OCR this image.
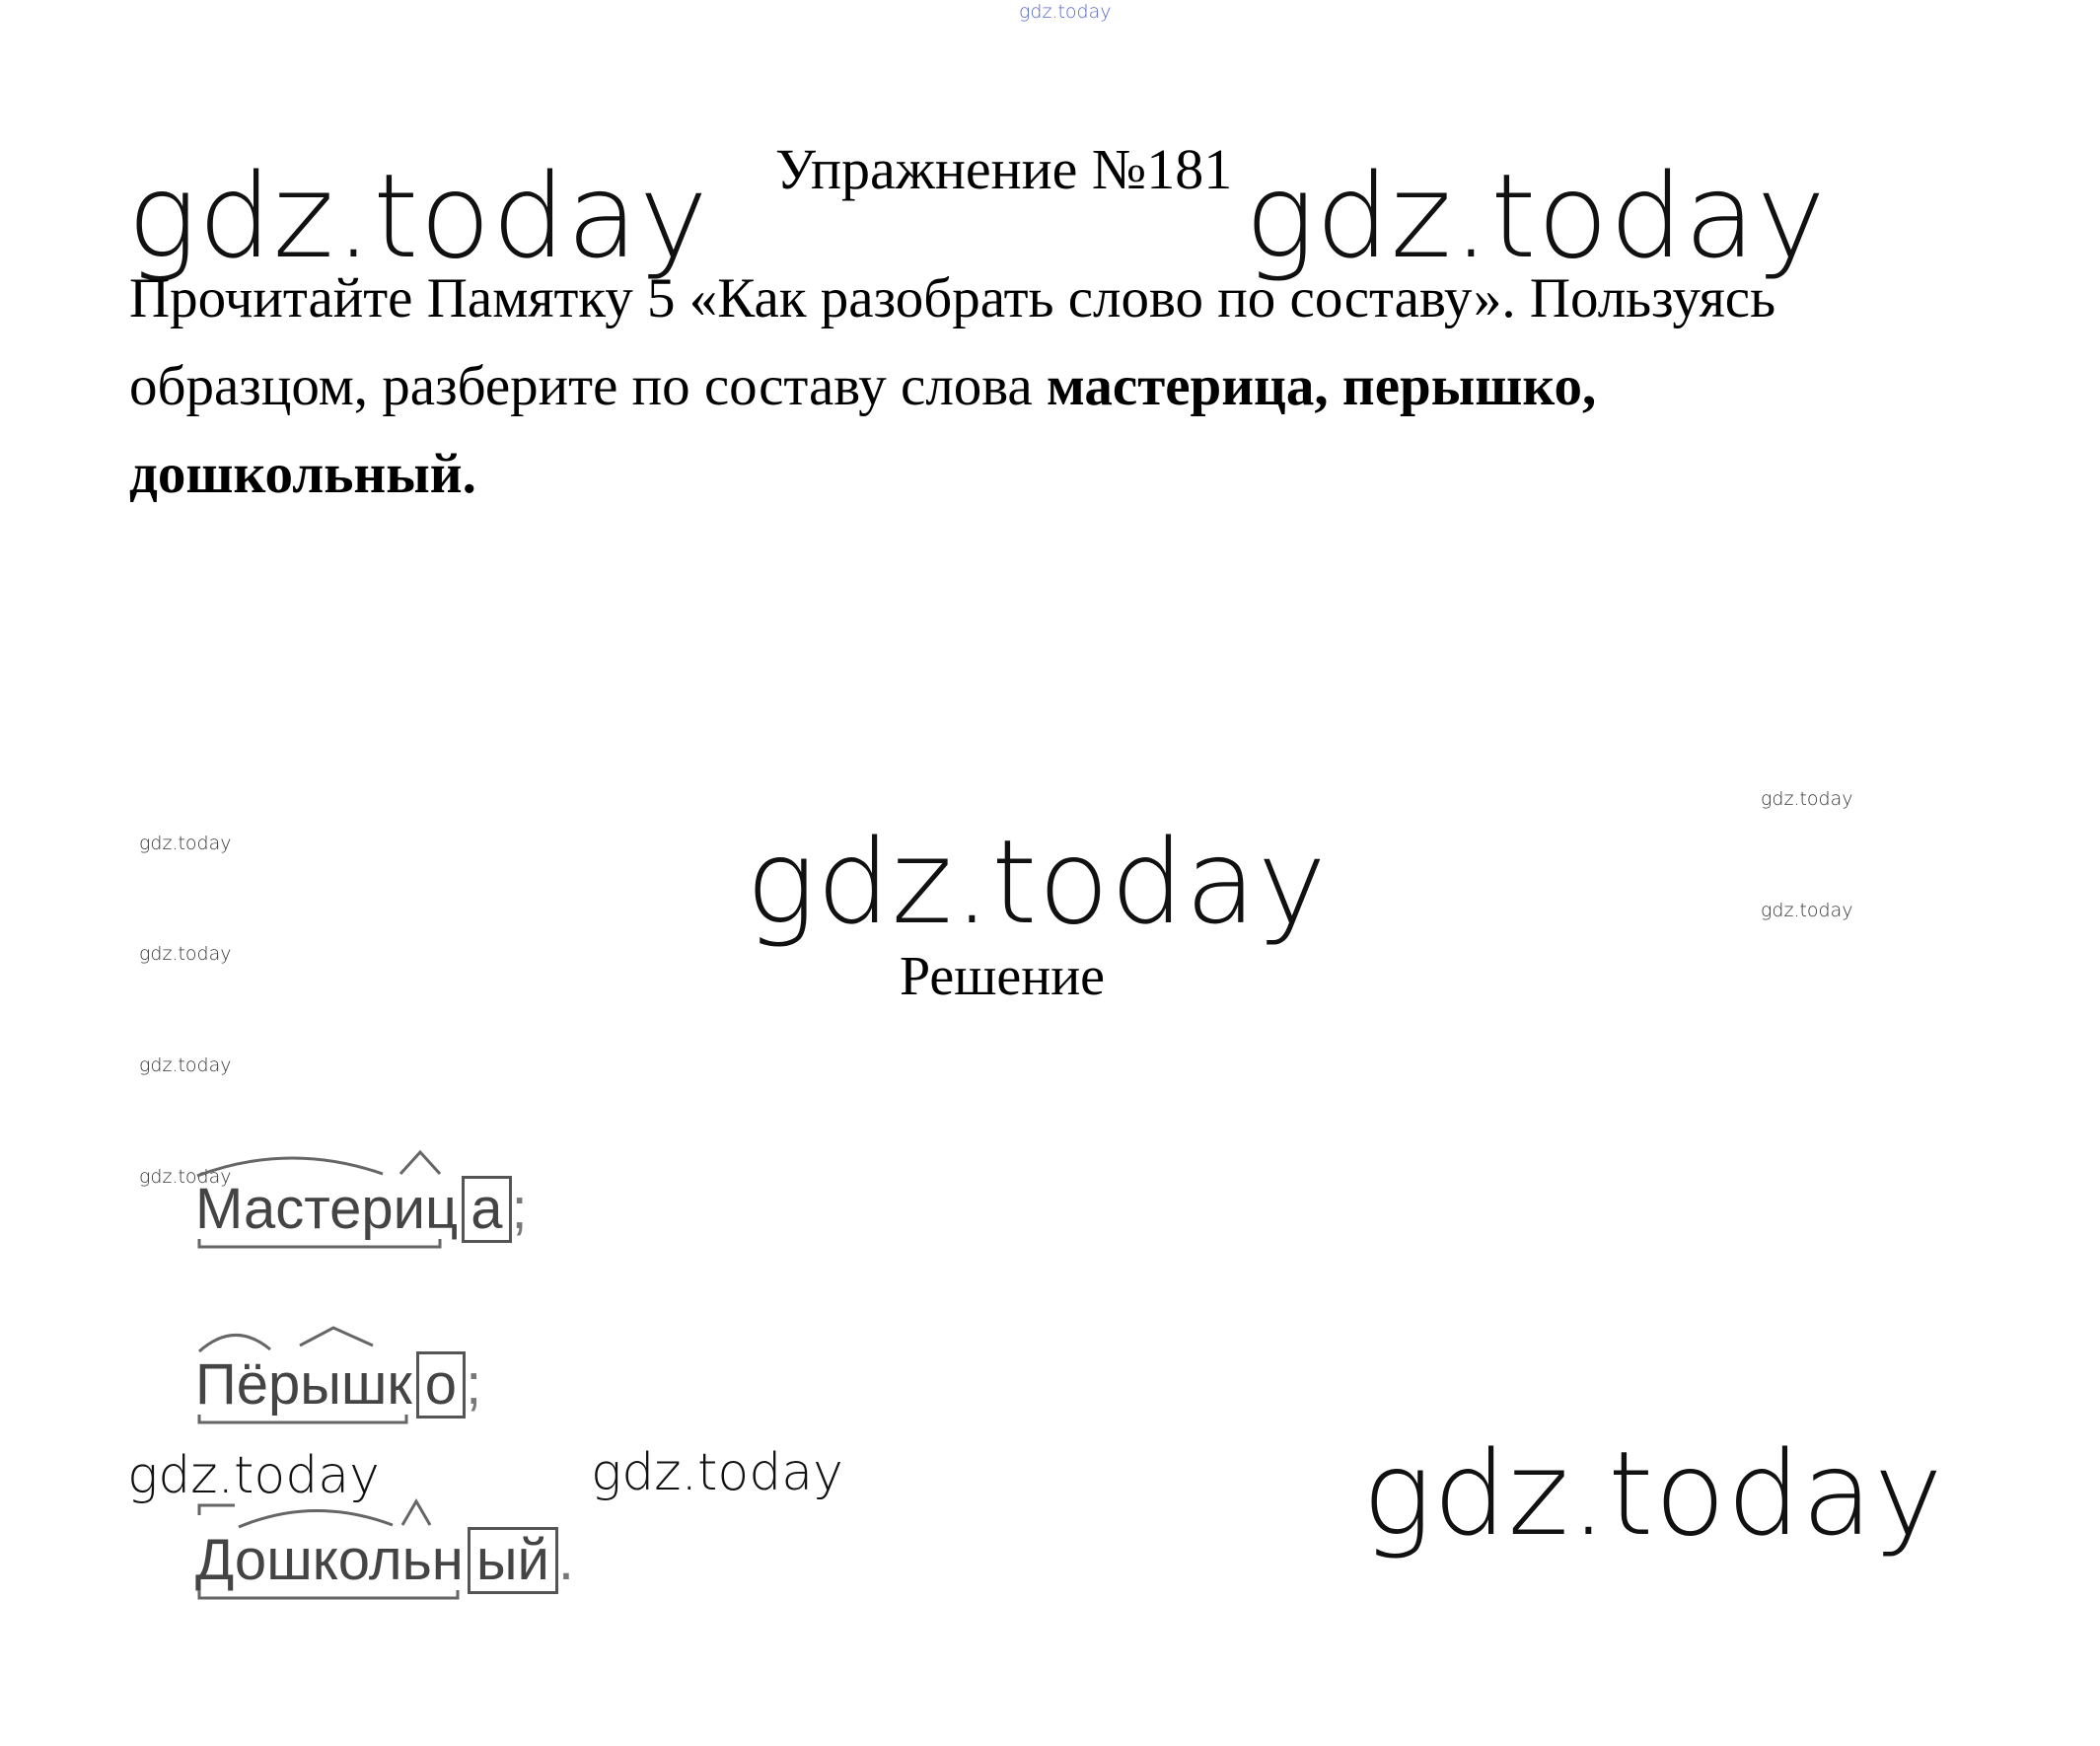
gdz.today
gdz.today	gdz.today
gdz.today
gdz.today
gdz.today	gdz.today
gdz.today
gdz.today
gdz.today
gdz.today
gdz.today
gdz.today
Упражнение №181
Прочитайте Памятку 5 «Как разобрать слово по составу». Пользуясь
образцом, разберите по составу слова мастерица, перышко,
дошкольный.
Решение
Мастериц а ;
Пёрышк о ;
Дошкольн ый .
